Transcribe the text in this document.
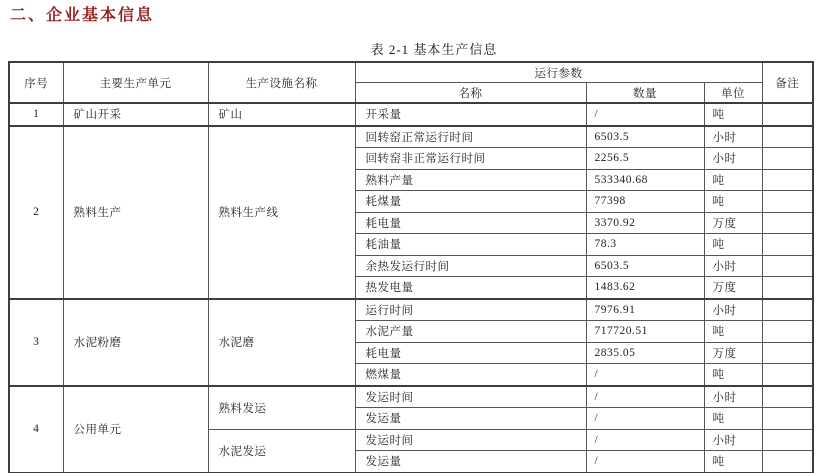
二、企业基本信息
表 2-1 基本生产信息
序号	主要生产单元	生产设施名称	运行参数			备注
			名称	数量	单位	
1	矿山开采	矿山	开采量	/	吨	
2	熟料生产	熟料生产线	回转窑正常运行时间	6503.5	小时	
			回转窑非正常运行时间	2256.5	小时	
			熟料产量	533340.68	吨	
			耗煤量	77398	吨	
			耗电量	3370.92	万度	
			耗油量	78.3	吨	
			余热发运行时间	6503.5	小时	
			热发电量	1483.62	万度	
3	水泥粉磨	水泥磨	运行时间	7976.91	小时	
			水泥产量	717720.51	吨	
			耗电量	2835.05	万度	
			燃煤量	/	吨	
4	公用单元	熟料发运	发运时间	/	小时	
			发运量	/	吨	
		水泥发运	发运时间	/	小时	
			发运量	/	吨	
